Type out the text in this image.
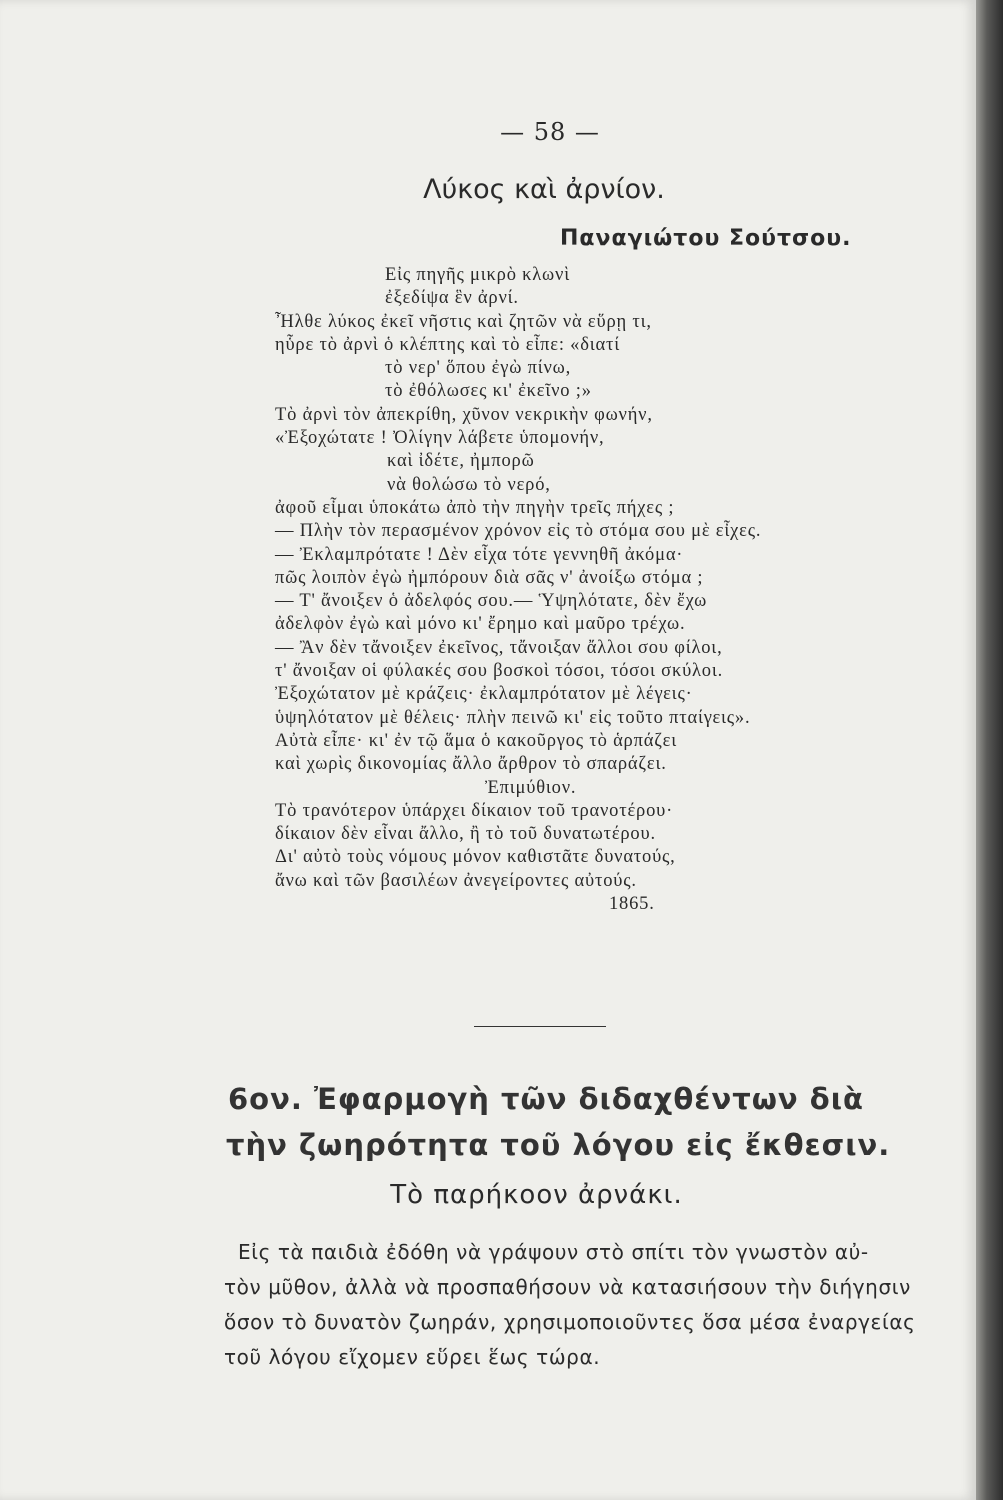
— 58 —
Λύκος καὶ ἀρνίον.
Παναγιώτου Σούτσου.
Εἰς πηγῆς μικρὸ κλωνὶ
ἐξεδίψα ἓν ἀρνί.
Ἦλθε λύκος ἐκεῖ νῆστις καὶ ζητῶν νὰ εὕρῃ τι,
ηὗρε τὸ ἀρνὶ ὁ κλέπτης καὶ τὸ εἶπε: «διατί
τὸ νερ' ὅπου ἐγὼ πίνω,
τὸ ἐθόλωσες κι' ἐκεῖνο ;»
Τὸ ἀρνὶ τὸν ἀπεκρίθη, χῦνον νεκρικὴν φωνήν,
«Ἐξοχώτατε ! Ὀλίγην λάβετε ὑπομονήν,
καὶ ἰδέτε, ἠμπορῶ
νὰ θολώσω τὸ νερό,
ἀφοῦ εἶμαι ὑποκάτω ἀπὸ τὴν πηγὴν τρεῖς πήχες ;
— Πλὴν τὸν περασμένον χρόνον εἰς τὸ στόμα σου μὲ εἶχες.
— Ἐκλαμπρότατε ! Δὲν εἶχα τότε γεννηθῆ ἀκόμα·
πῶς λοιπὸν ἐγὼ ἠμπόρουν διὰ σᾶς ν' ἀνοίξω στόμα ;
— Τ' ἄνοιξεν ὁ ἀδελφός σου.— Ὑψηλότατε, δὲν ἔχω
ἀδελφὸν ἐγὼ καὶ μόνο κι' ἔρημο καὶ μαῦρο τρέχω.
— Ἂν δὲν τἄνοιξεν ἐκεῖνος, τἄνοιξαν ἄλλοι σου φίλοι,
τ' ἄνοιξαν οἱ φύλακές σου βοσκοὶ τόσοι, τόσοι σκύλοι.
Ἐξοχώτατον μὲ κράζεις· ἐκλαμπρότατον μὲ λέγεις·
ὑψηλότατον μὲ θέλεις· πλὴν πεινῶ κι' εἰς τοῦτο πταίγεις».
Αὐτὰ εἶπε· κι' ἐν τῷ ἅμα ὁ κακοῦργος τὸ ἁρπάζει
καὶ χωρὶς δικονομίας ἄλλο ἄρθρον τὸ σπαράζει.
Ἐπιμύθιον.
Τὸ τρανότερον ὑπάρχει δίκαιον τοῦ τρανοτέρου·
δίκαιον δὲν εἶναι ἄλλο, ἢ τὸ τοῦ δυνατωτέρου.
Δι' αὐτὸ τοὺς νόμους μόνον καθιστᾶτε δυνατούς,
ἄνω καὶ τῶν βασιλέων ἀνεγείροντες αὐτούς.
1865.
6ον. Ἐφαρμογὴ τῶν διδαχθέντων διὰ
τὴν ζωηρότητα τοῦ λόγου εἰς ἔκθεσιν.
Τὸ παρήκοον ἀρνάκι.
Εἰς τὰ παιδιὰ ἐδόθη νὰ γράψουν στὸ σπίτι τὸν γνωστὸν αὐ-
τὸν μῦθον, ἀλλὰ νὰ προσπαθήσουν νὰ κατασιήσουν τὴν διήγησιν
ὅσον τὸ δυνατὸν ζωηράν, χρησιμοποιοῦντες ὅσα μέσα ἐναργείας
τοῦ λόγου εἴχομεν εὕρει ἕως τώρα.
